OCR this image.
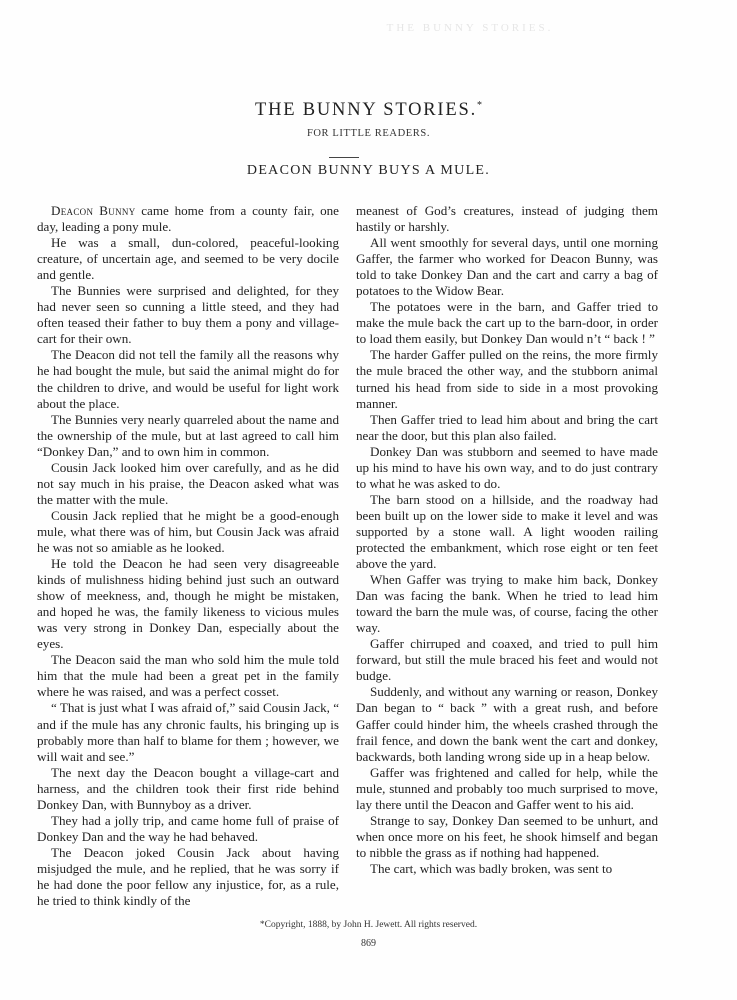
THE BUNNY STORIES.
THE BUNNY STORIES.*
FOR LITTLE READERS.
DEACON BUNNY BUYS A MULE.

Deacon Bunny came home from a county fair, one day, leading a pony mule.

He was a small, dun-colored, peaceful-looking creature, of uncertain age, and seemed to be very docile and gentle.

The Bunnies were surprised and delighted, for they had never seen so cunning a little steed, and they had often teased their father to buy them a pony and village-cart for their own.

The Deacon did not tell the family all the reasons why he had bought the mule, but said the animal might do for the children to drive, and would be useful for light work about the place.

The Bunnies very nearly quarreled about the name and the ownership of the mule, but at last agreed to call him “Donkey Dan,” and to own him in common.

Cousin Jack looked him over carefully, and as he did not say much in his praise, the Deacon asked what was the matter with the mule.

Cousin Jack replied that he might be a good-enough mule, what there was of him, but Cousin Jack was afraid he was not so amiable as he looked.

He told the Deacon he had seen very disagreeable kinds of mulishness hiding behind just such an outward show of meekness, and, though he might be mistaken, and hoped he was, the family likeness to vicious mules was very strong in Donkey Dan, especially about the eyes.

The Deacon said the man who sold him the mule told him that the mule had been a great pet in the family where he was raised, and was a perfect cosset.

“ That is just what I was afraid of,” said Cousin Jack, “ and if the mule has any chronic faults, his bringing up is probably more than half to blame for them ; however, we will wait and see.”

The next day the Deacon bought a village-cart and harness, and the children took their first ride behind Donkey Dan, with Bunnyboy as a driver.

They had a jolly trip, and came home full of praise of Donkey Dan and the way he had behaved.

The Deacon joked Cousin Jack about having misjudged the mule, and he replied, that he was sorry if he had done the poor fellow any injustice, for, as a rule, he tried to think kindly of the

meanest of God’s creatures, instead of judging them hastily or harshly.

All went smoothly for several days, until one morning Gaffer, the farmer who worked for Deacon Bunny, was told to take Donkey Dan and the cart and carry a bag of potatoes to the Widow Bear.

The potatoes were in the barn, and Gaffer tried to make the mule back the cart up to the barn-door, in order to load them easily, but Donkey Dan would n’t “ back ! ”

The harder Gaffer pulled on the reins, the more firmly the mule braced the other way, and the stubborn animal turned his head from side to side in a most provoking manner.

Then Gaffer tried to lead him about and bring the cart near the door, but this plan also failed.

Donkey Dan was stubborn and seemed to have made up his mind to have his own way, and to do just contrary to what he was asked to do.

The barn stood on a hillside, and the roadway had been built up on the lower side to make it level and was supported by a stone wall. A light wooden railing protected the embankment, which rose eight or ten feet above the yard.

When Gaffer was trying to make him back, Donkey Dan was facing the bank. When he tried to lead him toward the barn the mule was, of course, facing the other way.

Gaffer chirruped and coaxed, and tried to pull him forward, but still the mule braced his feet and would not budge.

Suddenly, and without any warning or reason, Donkey Dan began to “ back ” with a great rush, and before Gaffer could hinder him, the wheels crashed through the frail fence, and down the bank went the cart and donkey, backwards, both landing wrong side up in a heap below.

Gaffer was frightened and called for help, while the mule, stunned and probably too much surprised to move, lay there until the Deacon and Gaffer went to his aid.

Strange to say, Donkey Dan seemed to be unhurt, and when once more on his feet, he shook himself and began to nibble the grass as if nothing had happened.

The cart, which was badly broken, was sent to

*Copyright, 1888, by John H. Jewett. All rights reserved.
869
